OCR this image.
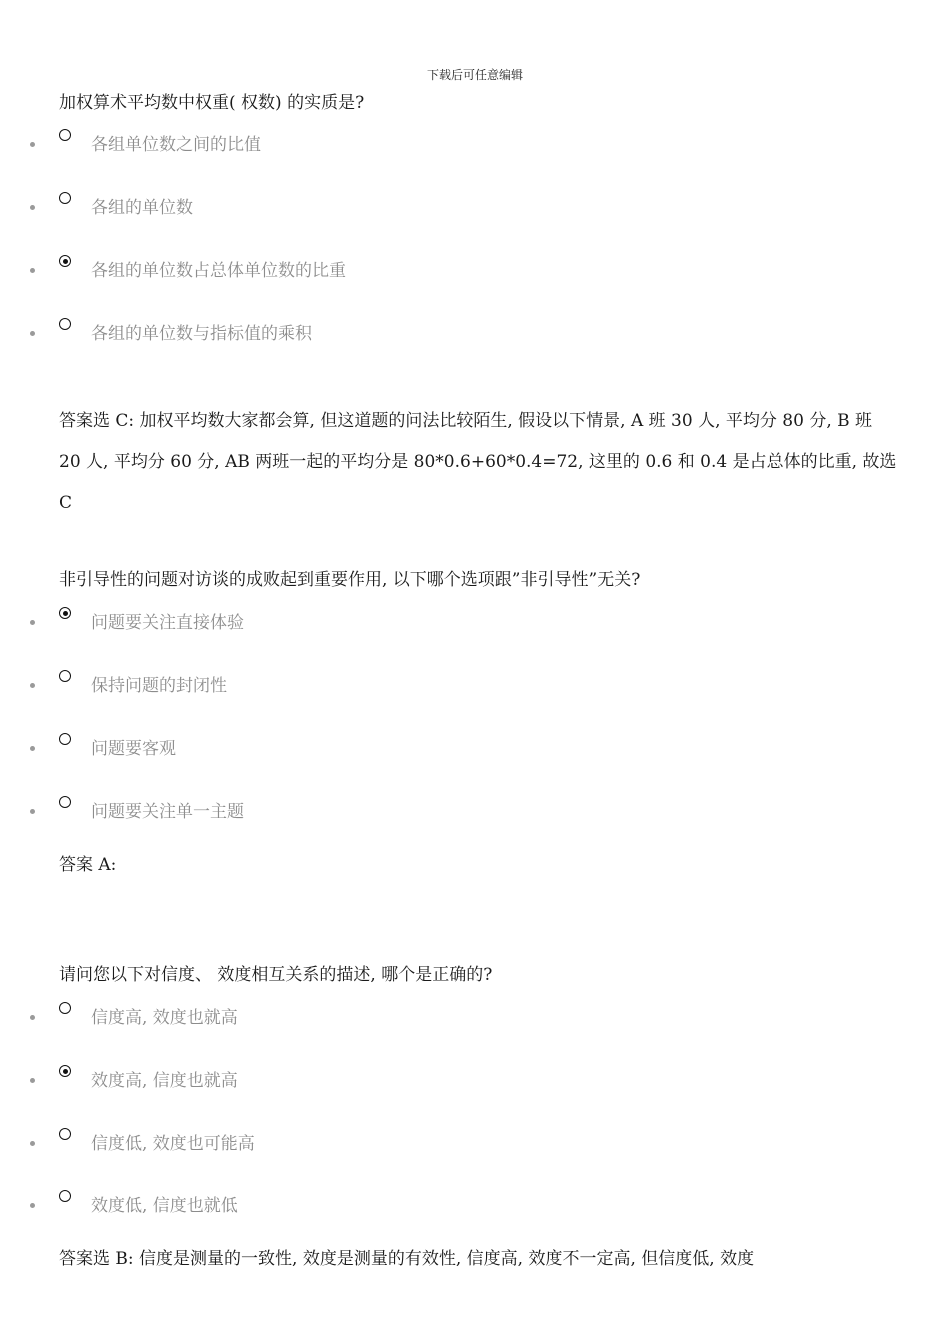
下载后可任意编辑
加权算术平均数中权重( 权数) 的实质是?
各组单位数之间的比值
各组的单位数
各组的单位数占总体单位数的比重
各组的单位数与指标值的乘积
答案选 C: 加权平均数大家都会算, 但这道题的问法比较陌生, 假设以下情景, A 班 30 人, 平均分 80 分, B 班 20 人, 平均分 60 分, AB 两班一起的平均分是 80*0.6+60*0.4=72, 这里的 0.6 和 0.4 是占总体的比重, 故选 C
非引导性的问题对访谈的成败起到重要作用, 以下哪个选项跟”非引导性”无关?
问题要关注直接体验
保持问题的封闭性
问题要客观
问题要关注单一主题
答案 A:
请问您以下对信度、 效度相互关系的描述, 哪个是正确的?
信度高, 效度也就高
效度高, 信度也就高
信度低, 效度也可能高
效度低, 信度也就低
答案选 B: 信度是测量的一致性, 效度是测量的有效性, 信度高, 效度不一定高, 但信度低, 效度
